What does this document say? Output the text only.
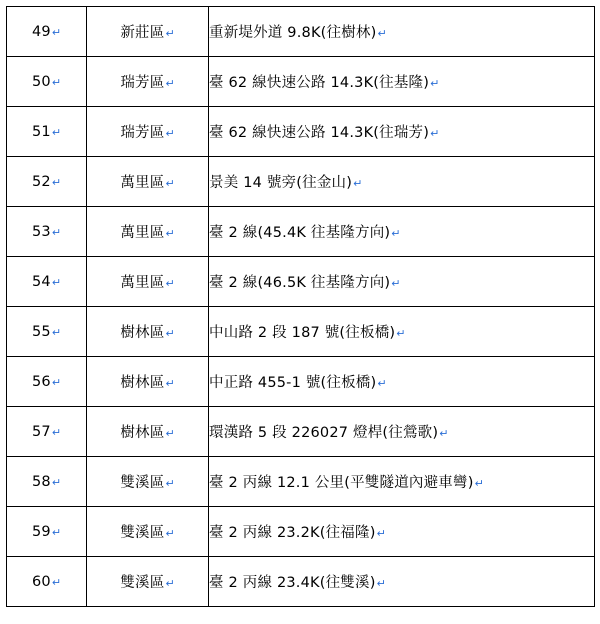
49↵	新莊區↵	重新堤外道 9.8K(往樹林)↵
50↵	瑞芳區↵	臺 62 線快速公路 14.3K(往基隆)↵
51↵	瑞芳區↵	臺 62 線快速公路 14.3K(往瑞芳)↵
52↵	萬里區↵	景美 14 號旁(往金山)↵
53↵	萬里區↵	臺 2 線(45.4K 往基隆方向)↵
54↵	萬里區↵	臺 2 線(46.5K 往基隆方向)↵
55↵	樹林區↵	中山路 2 段 187 號(往板橋)↵
56↵	樹林區↵	中正路 455-1 號(往板橋)↵
57↵	樹林區↵	環漢路 5 段 226027 燈桿(往鶯歌)↵
58↵	雙溪區↵	臺 2 丙線 12.1 公里(平雙隧道內避車彎)↵
59↵	雙溪區↵	臺 2 丙線 23.2K(往福隆)↵
60↵	雙溪區↵	臺 2 丙線 23.4K(往雙溪)↵
